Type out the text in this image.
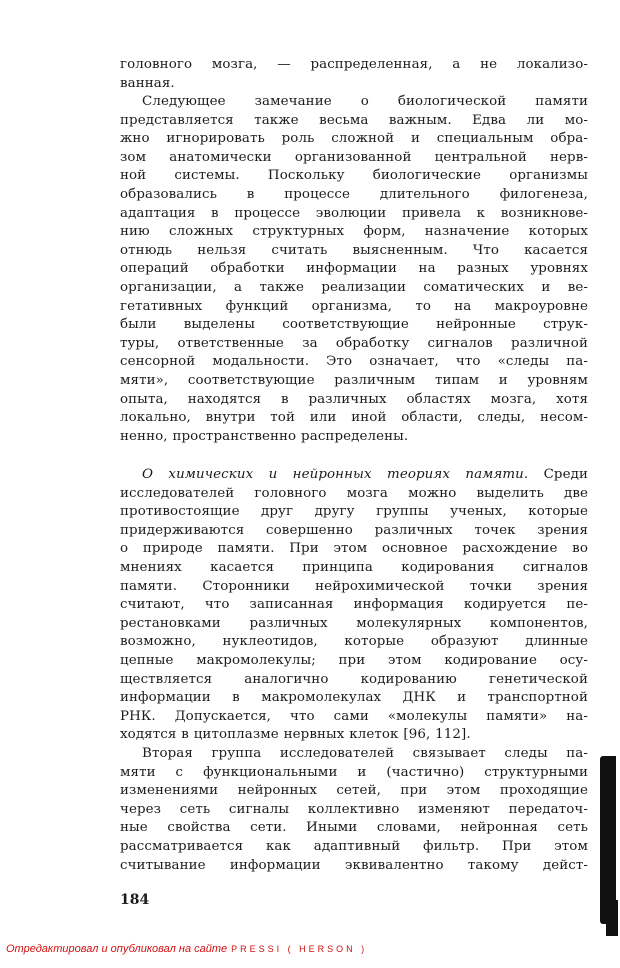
головного мозга, — распределенная, а не локализо-
ванная.
Следующее замечание о биологической памяти
представляется также весьма важным. Едва ли мо-
жно игнорировать роль сложной и специальным обра-
зом анатомически организованной центральной нерв-
ной системы. Поскольку биологические организмы
образовались в процессе длительного филогенеза,
адаптация в процессе эволюции привела к возникнове-
нию сложных структурных форм, назначение которых
отнюдь нельзя считать выясненным. Что касается
операций обработки информации на разных уровнях
организации, а также реализации соматических и ве-
гетативных функций организма, то на макроуровне
были выделены соответствующие нейронные струк-
туры, ответственные за обработку сигналов различной
сенсорной модальности. Это означает, что «следы па-
мяти», соответствующие различным типам и уровням
опыта, находятся в различных областях мозга, хотя
локально, внутри той или иной области, следы, несом-
ненно, пространственно распределены.
О химических и нейронных теориях памяти. Среди
исследователей головного мозга можно выделить две
противостоящие друг другу группы ученых, которые
придерживаются совершенно различных точек зрения
о природе памяти. При этом основное расхождение во
мнениях касается принципа кодирования сигналов
памяти. Сторонники нейрохимической точки зрения
считают, что записанная информация кодируется пе-
рестановками различных молекулярных компонентов,
возможно, нуклеотидов, которые образуют длинные
цепные макромолекулы; при этом кодирование осу-
ществляется аналогично кодированию генетической
информации в макромолекулах ДНК и транспортной
РНК. Допускается, что сами «молекулы памяти» на-
ходятся в цитоплазме нервных клеток [96, 112].
Вторая группа исследователей связывает следы па-
мяти с функциональными и (частично) структурными
изменениями нейронных сетей, при этом проходящие
через сеть сигналы коллективно изменяют передаточ-
ные свойства сети. Иными словами, нейронная сеть
рассматривается как адаптивный фильтр. При этом
считывание информации эквивалентно такому дейст-
184
Отредактировал и опубликовал на сайте PRESSI ( HERSON )
